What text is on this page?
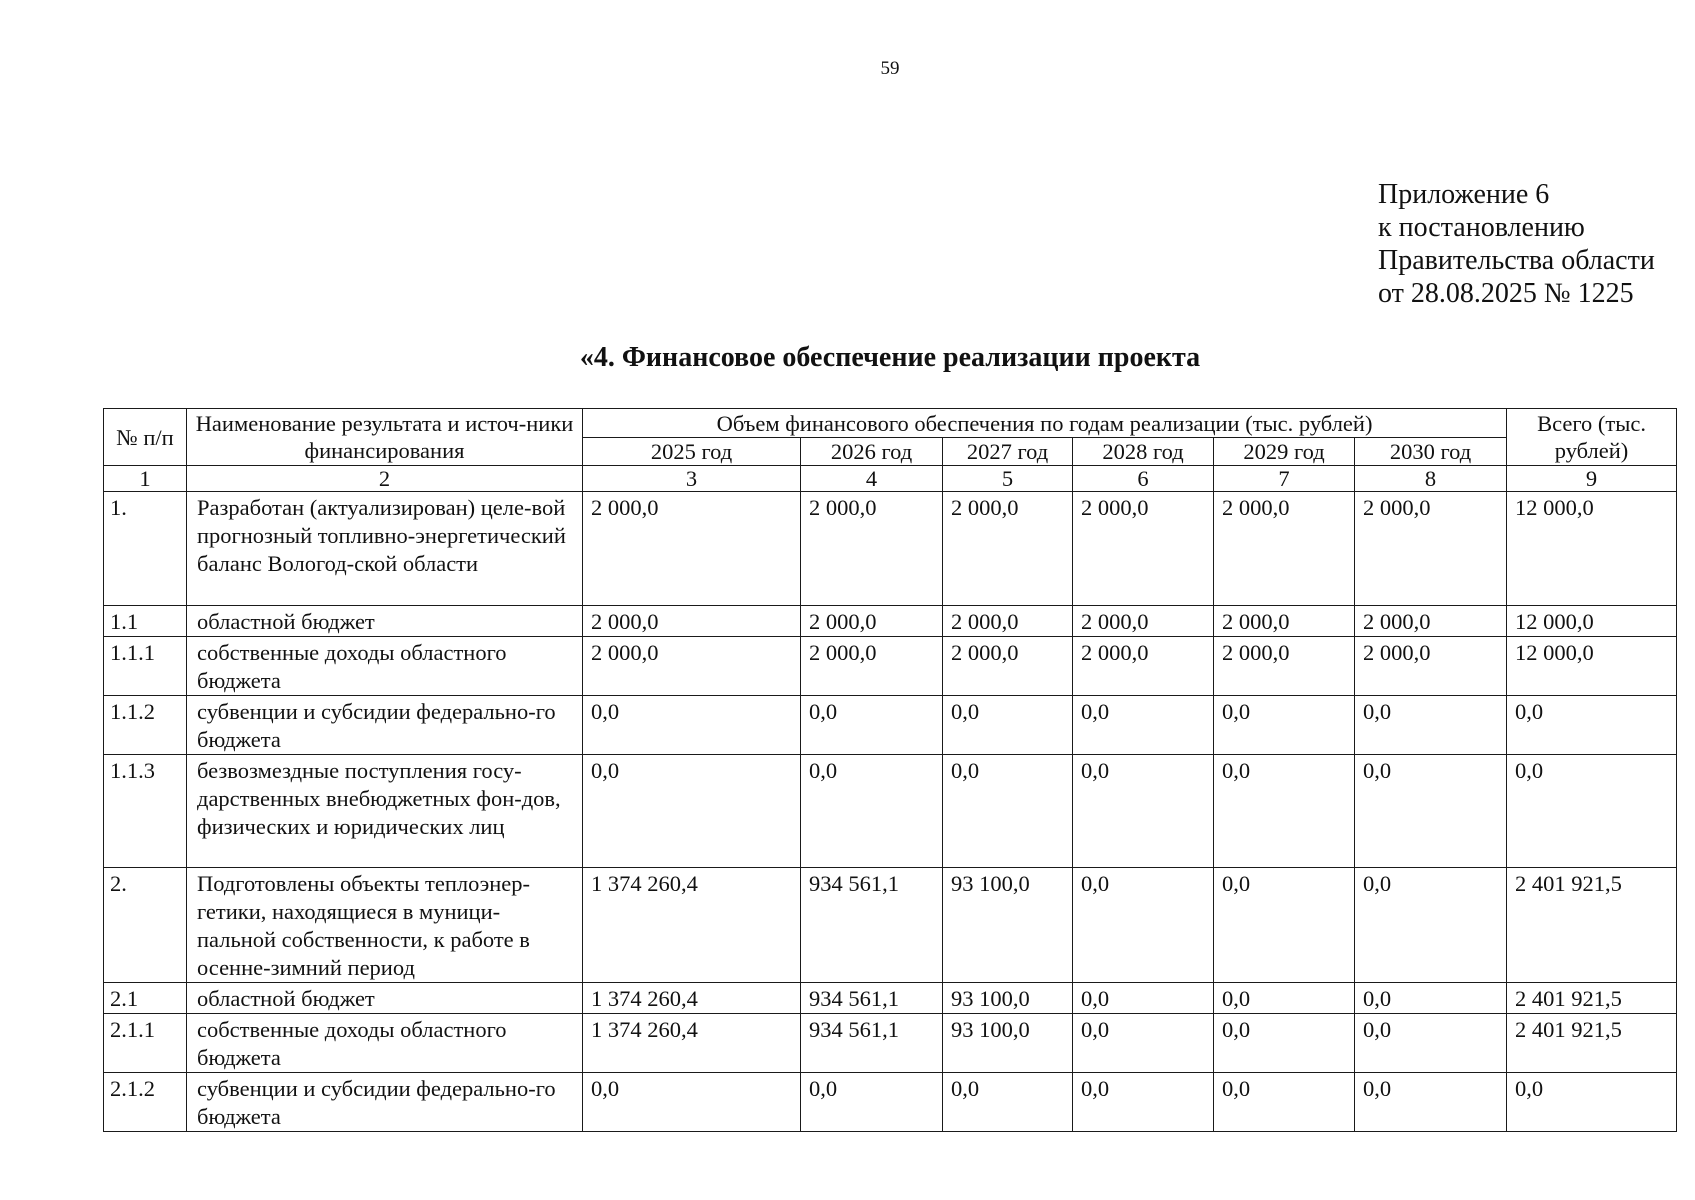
59
Приложение 6
к постановлению
Правительства области
от 28.08.2025 № 1225
«4. Финансовое обеспечение реализации проекта
№ п/п	Наименование результата и источ-ники финансирования	Объем финансового обеспечения по годам реализации (тыс. рублей)						Всего (тыс. рублей)
		2025 год	2026 год	2027 год	2028 год	2029 год	2030 год	
1	2	3	4	5	6	7	8	9
1.	Разработан (актуализирован) целе-вой прогнозный топливно-энергетический баланс Вологод-ской области	2 000,0	2 000,0	2 000,0	2 000,0	2 000,0	2 000,0	12 000,0
1.1	областной бюджет	2 000,0	2 000,0	2 000,0	2 000,0	2 000,0	2 000,0	12 000,0
1.1.1	собственные доходы областного бюджета	2 000,0	2 000,0	2 000,0	2 000,0	2 000,0	2 000,0	12 000,0
1.1.2	субвенции и субсидии федерально-го бюджета	0,0	0,0	0,0	0,0	0,0	0,0	0,0
1.1.3	безвозмездные поступления госу-дарственных внебюджетных фон-дов, физических и юридических лиц	0,0	0,0	0,0	0,0	0,0	0,0	0,0
2.	Подготовлены объекты теплоэнер-гетики, находящиеся в муници-пальной собственности, к работе в осенне-зимний период	1 374 260,4	934 561,1	93 100,0	0,0	0,0	0,0	2 401 921,5
2.1	областной бюджет	1 374 260,4	934 561,1	93 100,0	0,0	0,0	0,0	2 401 921,5
2.1.1	собственные доходы областного бюджета	1 374 260,4	934 561,1	93 100,0	0,0	0,0	0,0	2 401 921,5
2.1.2	субвенции и субсидии федерально-го бюджета	0,0	0,0	0,0	0,0	0,0	0,0	0,0
